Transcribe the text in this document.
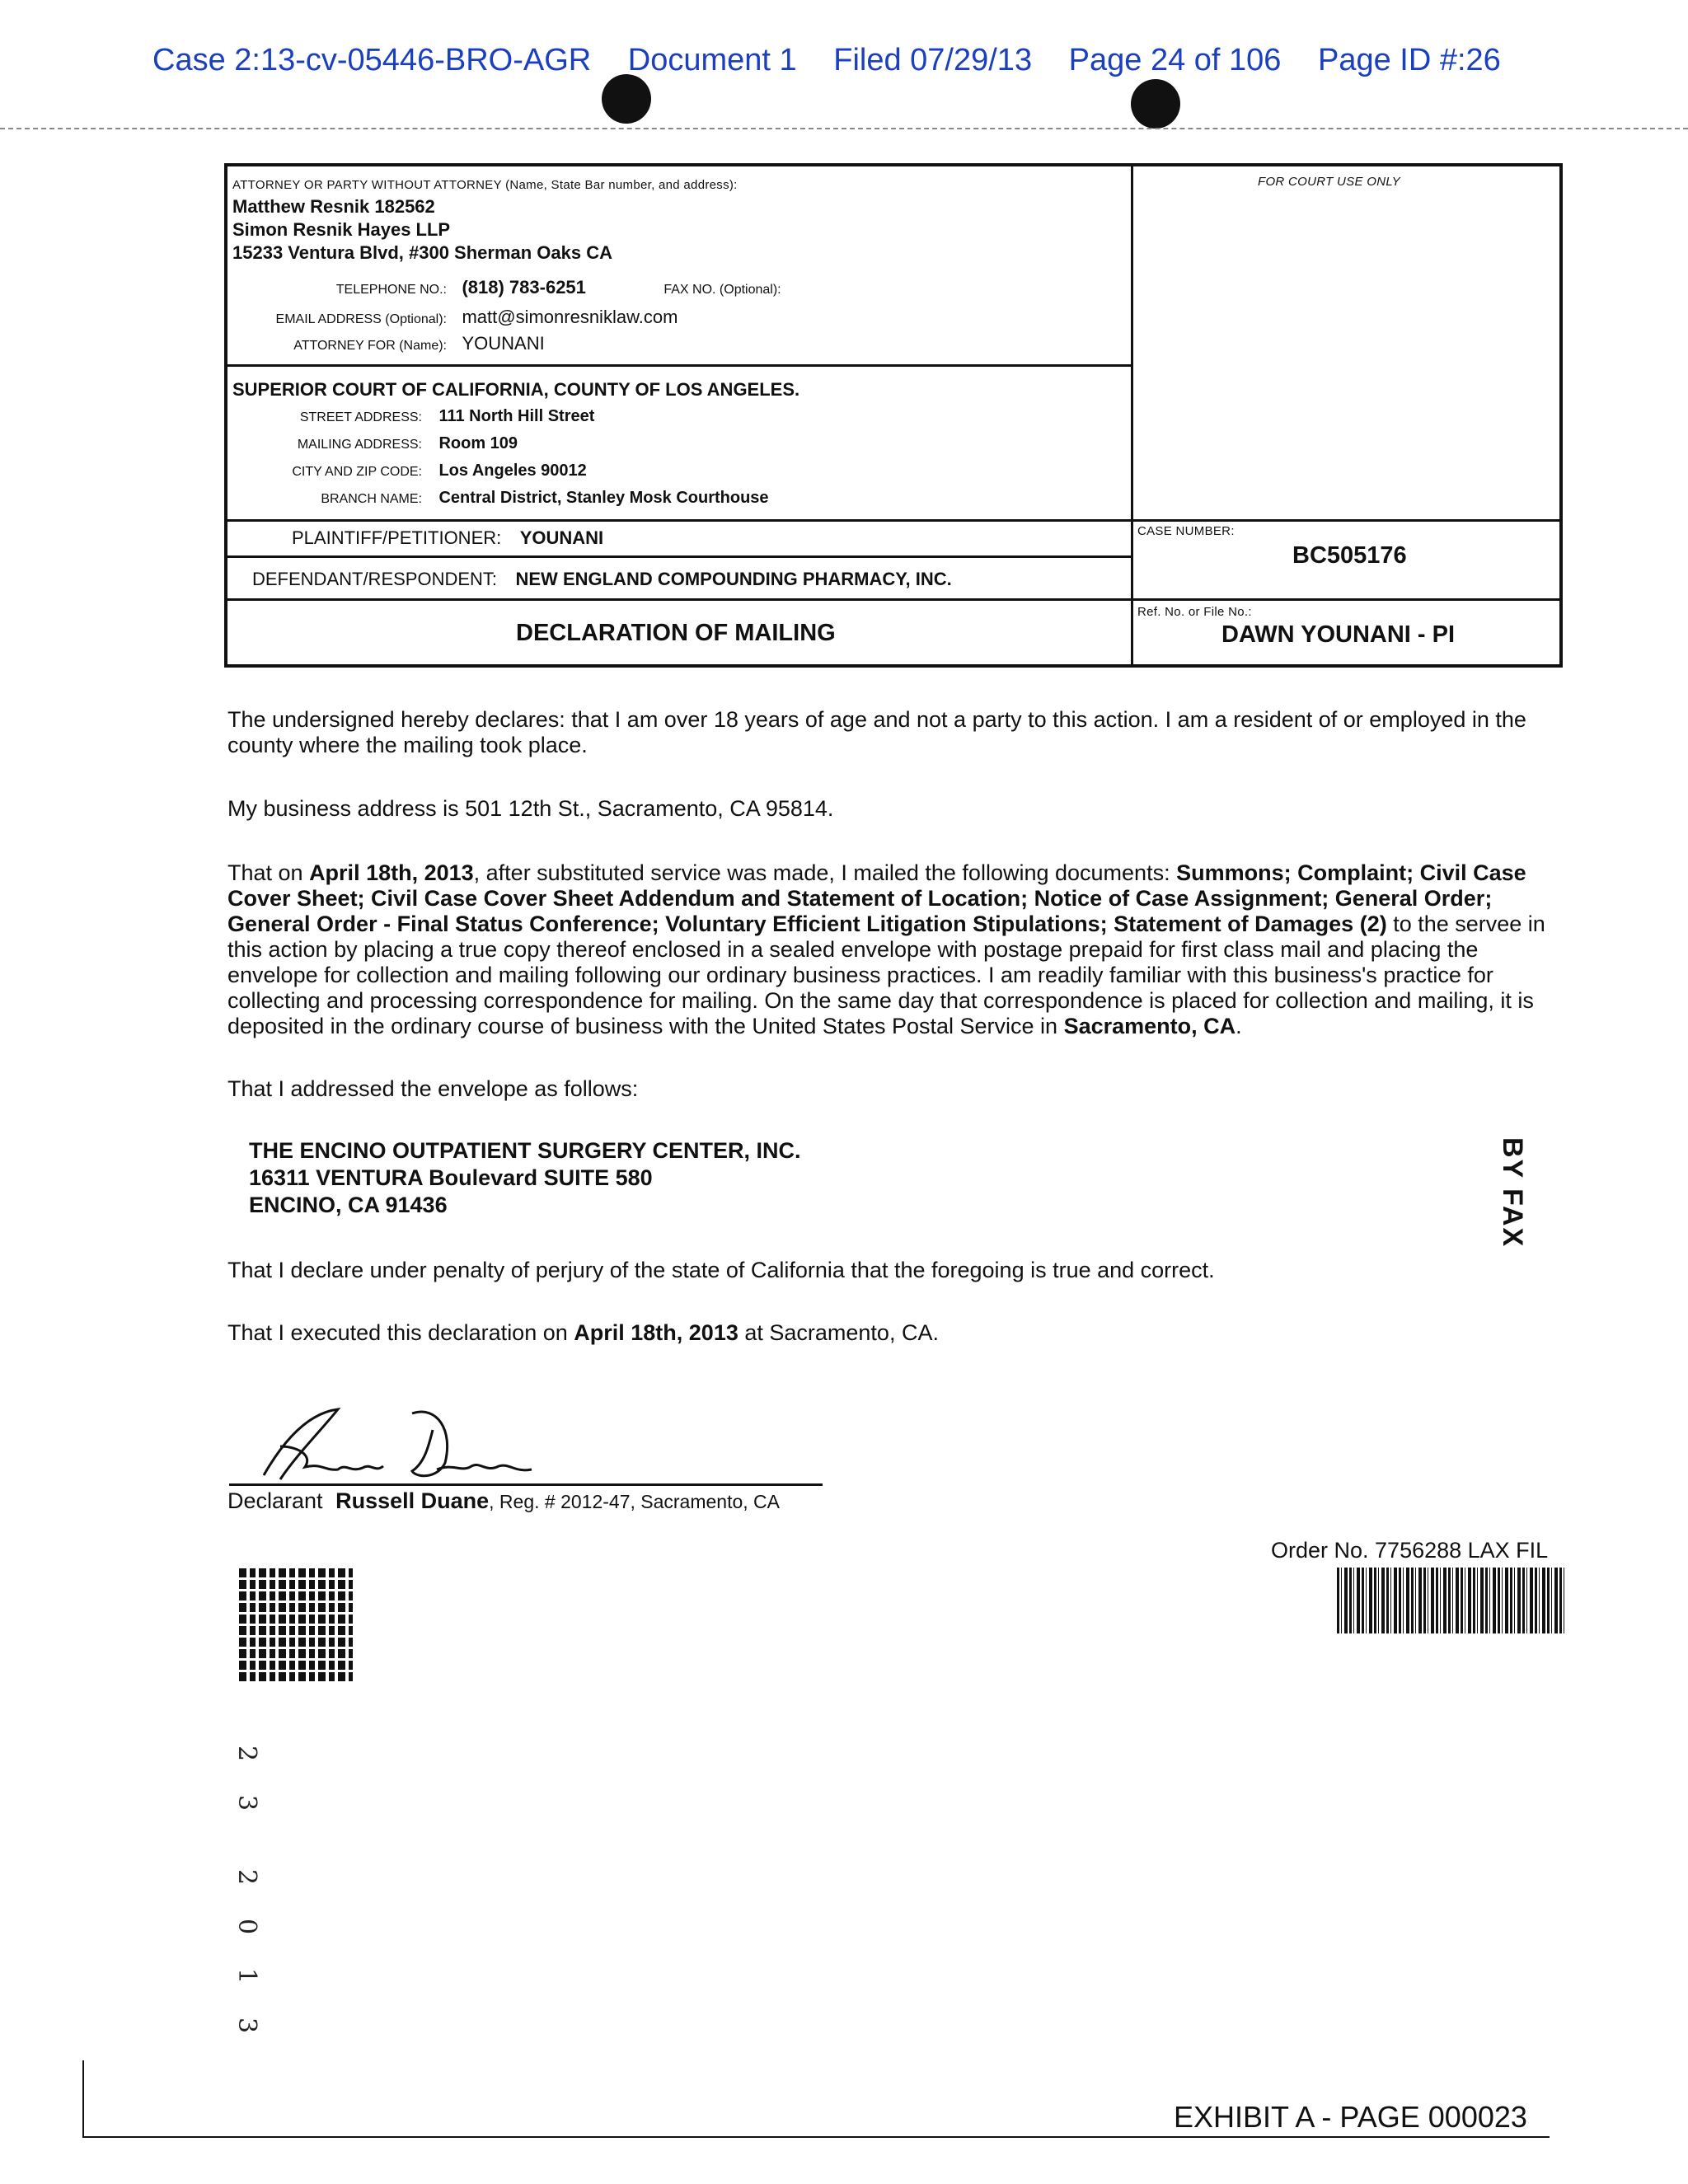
Case 2:13-cv-05446-BRO-AGR Document 1 Filed 07/29/13 Page 24 of 106 Page ID #:26
ATTORNEY OR PARTY WITHOUT ATTORNEY (Name, State Bar number, and address):
Matthew Resnik 182562
Simon Resnik Hayes LLP
15233 Ventura Blvd, #300 Sherman Oaks CA
TELEPHONE NO.: (818) 783-6251	FAX NO. (Optional):
EMAIL ADDRESS (Optional): matt@simonresniklaw.com
ATTORNEY FOR (Name): YOUNANI
FOR COURT USE ONLY
SUPERIOR COURT OF CALIFORNIA, COUNTY OF LOS ANGELES.
STREET ADDRESS: 111 North Hill Street
MAILING ADDRESS: Room 109
CITY AND ZIP CODE: Los Angeles 90012
BRANCH NAME: Central District, Stanley Mosk Courthouse
PLAINTIFF/PETITIONER: YOUNANI
DEFENDANT/RESPONDENT: NEW ENGLAND COMPOUNDING PHARMACY, INC.
CASE NUMBER:
BC505176
DECLARATION OF MAILING
Ref. No. or File No.:
DAWN YOUNANI - PI
The undersigned hereby declares: that I am over 18 years of age and not a party to this action. I am a resident of or employed in the county where the mailing took place.
My business address is 501 12th St., Sacramento, CA 95814.
That on April 18th, 2013, after substituted service was made, I mailed the following documents: Summons; Complaint; Civil Case Cover Sheet; Civil Case Cover Sheet Addendum and Statement of Location; Notice of Case Assignment; General Order; General Order - Final Status Conference; Voluntary Efficient Litigation Stipulations; Statement of Damages (2) to the servee in this action by placing a true copy thereof enclosed in a sealed envelope with postage prepaid for first class mail and placing the envelope for collection and mailing following our ordinary business practices. I am readily familiar with this business's practice for collecting and processing correspondence for mailing. On the same day that correspondence is placed for collection and mailing, it is deposited in the ordinary course of business with the United States Postal Service in Sacramento, CA.
That I addressed the envelope as follows:
THE ENCINO OUTPATIENT SURGERY CENTER, INC.
16311 VENTURA Boulevard SUITE 580
ENCINO, CA 91436	BY FAX
That I declare under penalty of perjury of the state of California that the foregoing is true and correct.
That I executed this declaration on April 18th, 2013 at Sacramento, CA.
Declarant Russell Duane, Reg. # 2012-47, Sacramento, CA
Order No. 7756288 LAX FIL
2
3
2
0
1
3
EXHIBIT A - PAGE 000023
